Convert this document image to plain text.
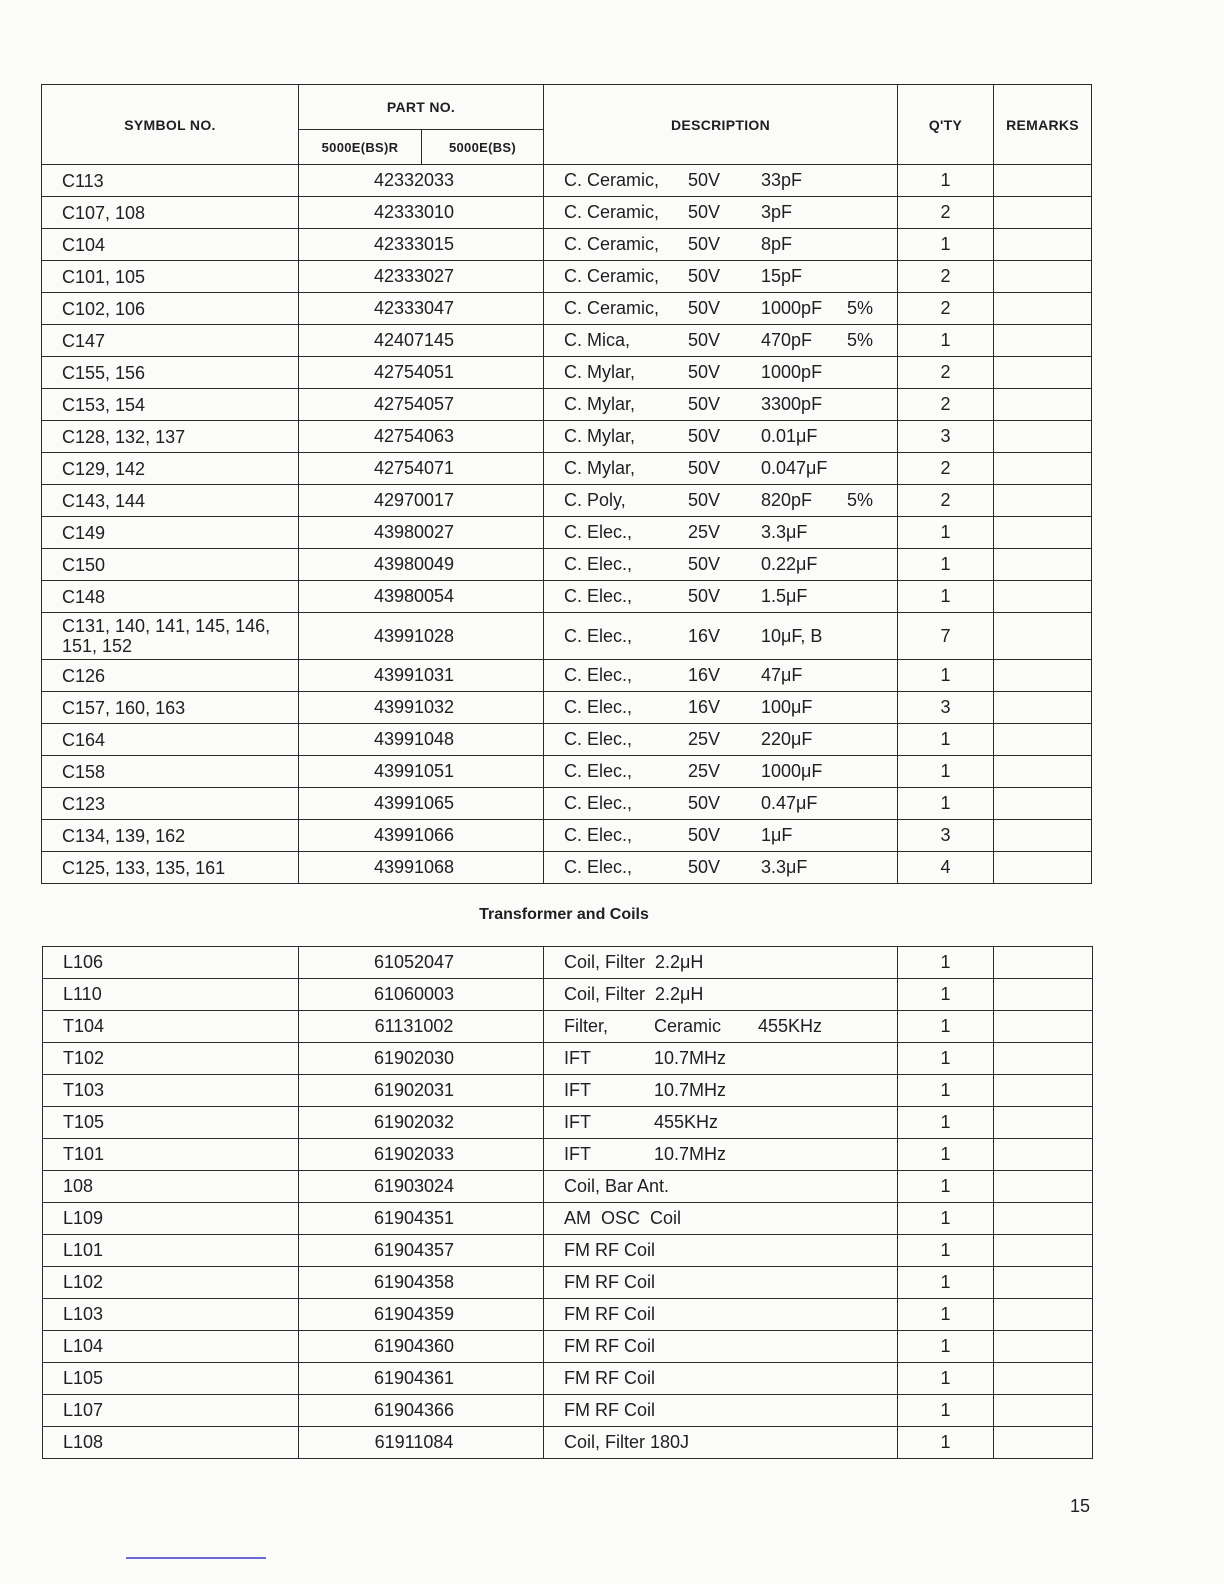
SYMBOL NO.	PART NO.		DESCRIPTION	Q'TY	REMARKS
	5000E(BS)R	5000E(BS)			

C113	42332033		C. Ceramic, 50V 33pF	1	

C107, 108	42333010		C. Ceramic, 50V 3pF	2	

C104	42333015		C. Ceramic, 50V 8pF	1	

C101, 105	42333027		C. Ceramic, 50V 15pF	2	

C102, 106	42333047		C. Ceramic, 50V 1000pF 5%	2	

C147	42407145		C. Mica, 50V 470pF 5%	1	

C155, 156	42754051		C. Mylar, 50V 1000pF	2	

C153, 154	42754057		C. Mylar, 50V 3300pF	2	

C128, 132, 137	42754063		C. Mylar, 50V 0.01μF	3	

C129, 142	42754071		C. Mylar, 50V 0.047μF	2	

C143, 144	42970017		C. Poly, 50V 820pF 5%	2	

C149	43980027		C. Elec., 25V 3.3μF	1	

C150	43980049		C. Elec., 50V 0.22μF	1	

C148	43980054		C. Elec., 50V 1.5μF	1	

C131, 140, 141, 145, 146,
151, 152	43991028		C. Elec., 16V 10μF, B	7	

C126	43991031		C. Elec., 16V 47μF	1	

C157, 160, 163	43991032		C. Elec., 16V 100μF	3	

C164	43991048		C. Elec., 25V 220μF	1	

C158	43991051		C. Elec., 25V 1000μF	1	

C123	43991065		C. Elec., 50V 0.47μF	1	

C134, 139, 162	43991066		C. Elec., 50V 1μF	3	

C125, 133, 135, 161	43991068		C. Elec., 50V 3.3μF	4	
Transformer and Coils
L106	61052047	Coil, Filter  2.2μH	1	
L110	61060003	Coil, Filter  2.2μH	1	
T104	61131002	Filter, Ceramic 455KHz	1	
T102	61902030	IFT 10.7MHz	1	
T103	61902031	IFT 10.7MHz	1	
T105	61902032	IFT 455KHz	1	
T101	61902033	IFT 10.7MHz	1	
108	61903024	Coil, Bar Ant.	1	
L109	61904351	AM  OSC  Coil	1	
L101	61904357	FM RF Coil	1	
L102	61904358	FM RF Coil	1	
L103	61904359	FM RF Coil	1	
L104	61904360	FM RF Coil	1	
L105	61904361	FM RF Coil	1	
L107	61904366	FM RF Coil	1	
L108	61911084	Coil, Filter 180J	1	
15
